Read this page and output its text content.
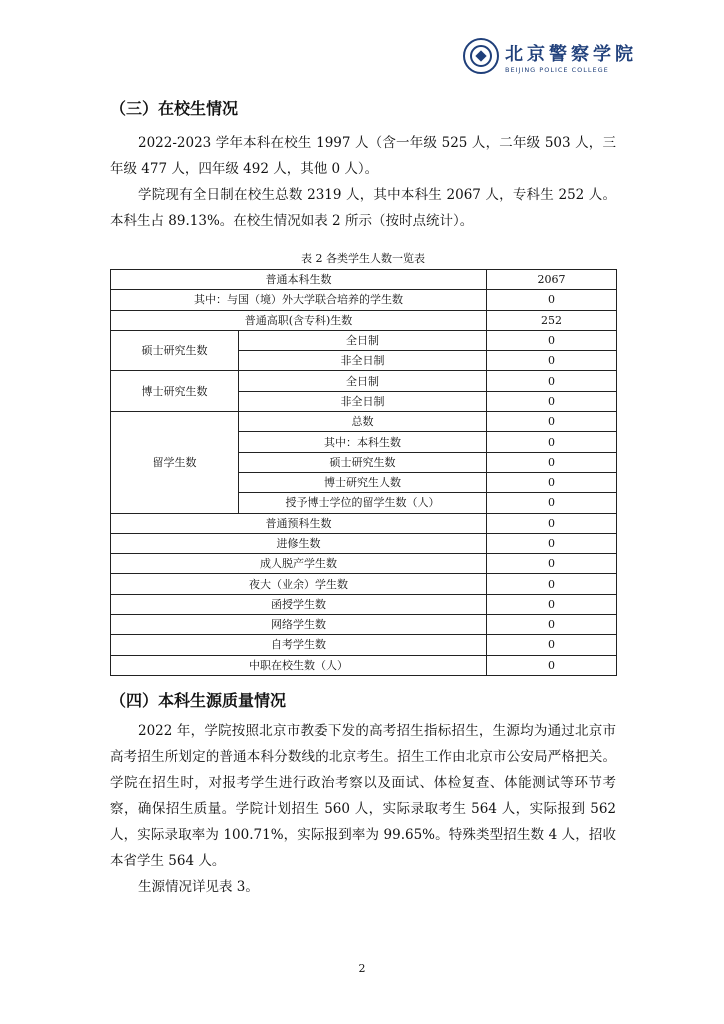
北京警察学院
BEIJING POLICE COLLEGE
（三）在校生情况

2022-2023 学年本科在校生 1997 人（含一年级 525 人，二年级 503 人，三年级 477 人，四年级 492 人，其他 0 人）。

学院现有全日制在校生总数 2319 人，其中本科生 2067 人，专科生 252 人。本科生占 89.13%。在校生情况如表 2 所示（按时点统计）。

表 2 各类学生人数一览表
普通本科生数		2067
其中：与国（境）外大学联合培养的学生数		0
普通高职(含专科)生数		252
硕士研究生数	全日制	0
	非全日制	0
博士研究生数	全日制	0
	非全日制	0
留学生数	总数	0
	其中：本科生数	0
	硕士研究生数	0
	博士研究生人数	0
	授予博士学位的留学生数（人）	0
普通预科生数		0
进修生数		0
成人脱产学生数		0
夜大（业余）学生数		0
函授学生数		0
网络学生数		0
自考学生数		0
中职在校生数（人）		0
（四）本科生源质量情况

2022 年，学院按照北京市教委下发的高考招生指标招生，生源均为通过北京市高考招生所划定的普通本科分数线的北京考生。招生工作由北京市公安局严格把关。学院在招生时，对报考学生进行政治考察以及面试、体检复查、体能测试等环节考察，确保招生质量。学院计划招生 560 人，实际录取考生 564 人，实际报到 562 人，实际录取率为 100.71%，实际报到率为 99.65%。特殊类型招生数 4 人，招收本省学生 564 人。

生源情况详见表 3。

2
